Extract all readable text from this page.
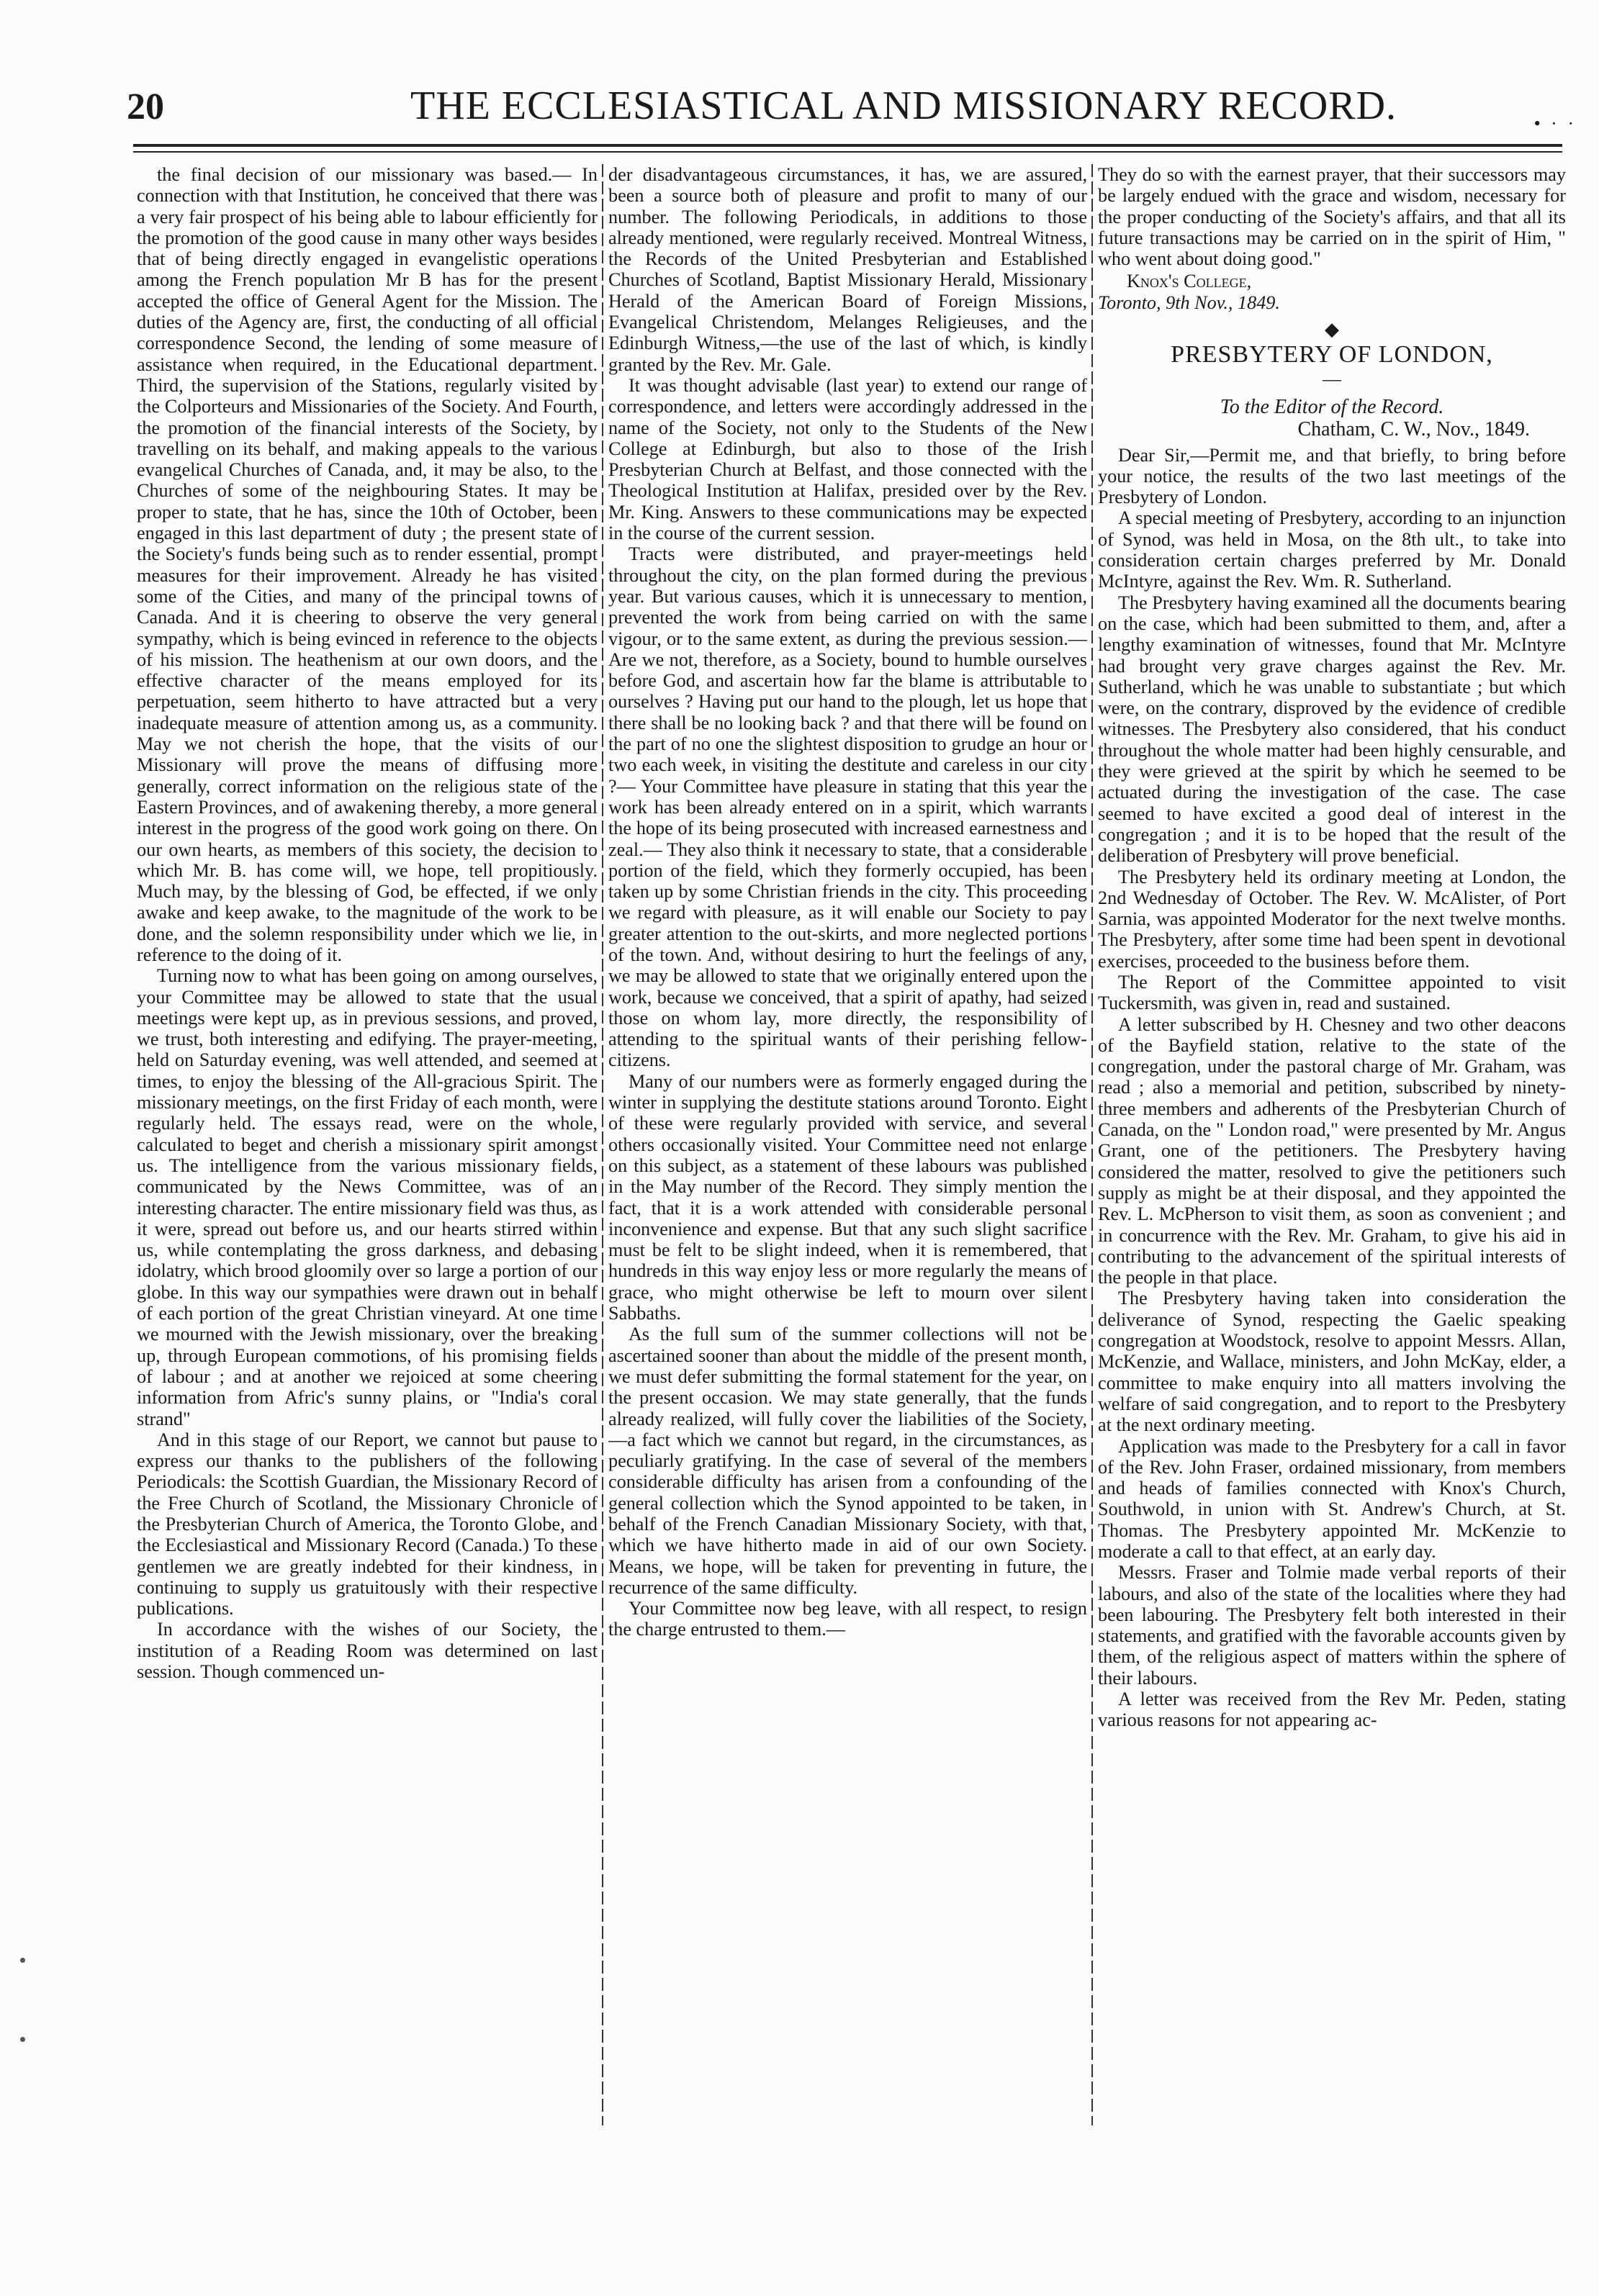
20	THE ECCLESIASTICAL AND MISSIONARY RECORD.	• · ·

the final decision of our missionary was based.— In connection with that Institution, he conceived that there was a very fair prospect of his being able to labour efficiently for the promotion of the good cause in many other ways besides that of being directly engaged in evangelistic operations among the French population Mr B has for the present accepted the office of General Agent for the Mission. The duties of the Agency are, first, the conducting of all official correspondence Second, the lending of some measure of assistance when required, in the Educational department. Third, the supervision of the Stations, regularly visited by the Colporteurs and Missionaries of the Society. And Fourth, the promotion of the financial interests of the Society, by travelling on its behalf, and making appeals to the various evangelical Churches of Canada, and, it may be also, to the Churches of some of the neighbouring States. It may be proper to state, that he has, since the 10th of October, been engaged in this last department of duty ; the present state of the Society's funds being such as to render essential, prompt measures for their improvement. Already he has visited some of the Cities, and many of the principal towns of Canada. And it is cheering to observe the very general sympathy, which is being evinced in reference to the objects of his mission. The heathenism at our own doors, and the effective character of the means employed for its perpetuation, seem hitherto to have attracted but a very inadequate measure of attention among us, as a community. May we not cherish the hope, that the visits of our Missionary will prove the means of diffusing more generally, correct information on the religious state of the Eastern Provinces, and of awakening thereby, a more general interest in the progress of the good work going on there. On our own hearts, as members of this society, the decision to which Mr. B. has come will, we hope, tell propitiously. Much may, by the blessing of God, be effected, if we only awake and keep awake, to the magnitude of the work to be done, and the solemn responsibility under which we lie, in reference to the doing of it.

Turning now to what has been going on among ourselves, your Committee may be allowed to state that the usual meetings were kept up, as in previous sessions, and proved, we trust, both interesting and edifying. The prayer-meeting, held on Saturday evening, was well attended, and seemed at times, to enjoy the blessing of the All-gracious Spirit. The missionary meetings, on the first Friday of each month, were regularly held. The essays read, were on the whole, calculated to beget and cherish a missionary spirit amongst us. The intelligence from the various missionary fields, communicated by the News Committee, was of an interesting character. The entire missionary field was thus, as it were, spread out before us, and our hearts stirred within us, while contemplating the gross darkness, and debasing idolatry, which brood gloomily over so large a portion of our globe. In this way our sympathies were drawn out in behalf of each portion of the great Christian vineyard. At one time we mourned with the Jewish missionary, over the breaking up, through European commotions, of his promising fields of labour ; and at another we rejoiced at some cheering information from Afric's sunny plains, or "India's coral strand"

And in this stage of our Report, we cannot but pause to express our thanks to the publishers of the following Periodicals: the Scottish Guardian, the Missionary Record of the Free Church of Scotland, the Missionary Chronicle of the Presbyterian Church of America, the Toronto Globe, and the Ecclesiastical and Missionary Record (Canada.) To these gentlemen we are greatly indebted for their kindness, in continuing to supply us gratuitously with their respective publications.

In accordance with the wishes of our Society, the institution of a Reading Room was determined on last session. Though commenced un-

der disadvantageous circumstances, it has, we are assured, been a source both of pleasure and profit to many of our number. The following Periodicals, in additions to those already mentioned, were regularly received. Montreal Witness, the Records of the United Presbyterian and Established Churches of Scotland, Baptist Missionary Herald, Missionary Herald of the American Board of Foreign Missions, Evangelical Christendom, Melanges Religieuses, and the Edinburgh Witness,—the use of the last of which, is kindly granted by the Rev. Mr. Gale.

It was thought advisable (last year) to extend our range of correspondence, and letters were accordingly addressed in the name of the Society, not only to the Students of the New College at Edinburgh, but also to those of the Irish Presbyterian Church at Belfast, and those connected with the Theological Institution at Halifax, presided over by the Rev. Mr. King. Answers to these communications may be expected in the course of the current session.

Tracts were distributed, and prayer-meetings held throughout the city, on the plan formed during the previous year. But various causes, which it is unnecessary to mention, prevented the work from being carried on with the same vigour, or to the same extent, as during the previous session.— Are we not, therefore, as a Society, bound to humble ourselves before God, and ascertain how far the blame is attributable to ourselves ? Having put our hand to the plough, let us hope that there shall be no looking back ? and that there will be found on the part of no one the slightest disposition to grudge an hour or two each week, in visiting the destitute and careless in our city ?— Your Committee have pleasure in stating that this year the work has been already entered on in a spirit, which warrants the hope of its being prosecuted with increased earnestness and zeal.— They also think it necessary to state, that a considerable portion of the field, which they formerly occupied, has been taken up by some Christian friends in the city. This proceeding we regard with pleasure, as it will enable our Society to pay greater attention to the out-skirts, and more neglected portions of the town. And, without desiring to hurt the feelings of any, we may be allowed to state that we originally entered upon the work, because we conceived, that a spirit of apathy, had seized those on whom lay, more directly, the responsibility of attending to the spiritual wants of their perishing fellow-citizens.

Many of our numbers were as formerly engaged during the winter in supplying the destitute stations around Toronto. Eight of these were regularly provided with service, and several others occasionally visited. Your Committee need not enlarge on this subject, as a statement of these labours was published in the May number of the Record. They simply mention the fact, that it is a work attended with considerable personal inconvenience and expense. But that any such slight sacrifice must be felt to be slight indeed, when it is remembered, that hundreds in this way enjoy less or more regularly the means of grace, who might otherwise be left to mourn over silent Sabbaths.

As the full sum of the summer collections will not be ascertained sooner than about the middle of the present month, we must defer submitting the formal statement for the year, on the present occasion. We may state generally, that the funds already realized, will fully cover the liabilities of the Society,—a fact which we cannot but regard, in the circumstances, as peculiarly gratifying. In the case of several of the members considerable difficulty has arisen from a confounding of the general collection which the Synod appointed to be taken, in behalf of the French Canadian Missionary Society, with that, which we have hitherto made in aid of our own Society. Means, we hope, will be taken for preventing in future, the recurrence of the same difficulty.

Your Committee now beg leave, with all respect, to resign the charge entrusted to them.—

They do so with the earnest prayer, that their successors may be largely endued with the grace and wisdom, necessary for the proper conducting of the Society's affairs, and that all its future transactions may be carried on in the spirit of Him, " who went about doing good."

Knox's College,
Toronto, 9th Nov., 1849.
◆
PRESBYTERY OF LONDON,
—
To the Editor of the Record.
Chatham, C. W., Nov., 1849.

Dear Sir,—Permit me, and that briefly, to bring before your notice, the results of the two last meetings of the Presbytery of London.

A special meeting of Presbytery, according to an injunction of Synod, was held in Mosa, on the 8th ult., to take into consideration certain charges preferred by Mr. Donald McIntyre, against the Rev. Wm. R. Sutherland.

The Presbytery having examined all the documents bearing on the case, which had been submitted to them, and, after a lengthy examination of witnesses, found that Mr. McIntyre had brought very grave charges against the Rev. Mr. Sutherland, which he was unable to substantiate ; but which were, on the contrary, disproved by the evidence of credible witnesses. The Presbytery also considered, that his conduct throughout the whole matter had been highly censurable, and they were grieved at the spirit by which he seemed to be actuated during the investigation of the case. The case seemed to have excited a good deal of interest in the congregation ; and it is to be hoped that the result of the deliberation of Presbytery will prove beneficial.

The Presbytery held its ordinary meeting at London, the 2nd Wednesday of October. The Rev. W. McAlister, of Port Sarnia, was appointed Moderator for the next twelve months. The Presbytery, after some time had been spent in devotional exercises, proceeded to the business before them.

The Report of the Committee appointed to visit Tuckersmith, was given in, read and sustained.

A letter subscribed by H. Chesney and two other deacons of the Bayfield station, relative to the state of the congregation, under the pastoral charge of Mr. Graham, was read ; also a memorial and petition, subscribed by ninety-three members and adherents of the Presbyterian Church of Canada, on the " London road," were presented by Mr. Angus Grant, one of the petitioners. The Presbytery having considered the matter, resolved to give the petitioners such supply as might be at their disposal, and they appointed the Rev. L. McPherson to visit them, as soon as convenient ; and in concurrence with the Rev. Mr. Graham, to give his aid in contributing to the advancement of the spiritual interests of the people in that place.

The Presbytery having taken into consideration the deliverance of Synod, respecting the Gaelic speaking congregation at Woodstock, resolve to appoint Messrs. Allan, McKenzie, and Wallace, ministers, and John McKay, elder, a committee to make enquiry into all matters involving the welfare of said congregation, and to report to the Presbytery at the next ordinary meeting.

Application was made to the Presbytery for a call in favor of the Rev. John Fraser, ordained missionary, from members and heads of families connected with Knox's Church, Southwold, in union with St. Andrew's Church, at St. Thomas. The Presbytery appointed Mr. McKenzie to moderate a call to that effect, at an early day.

Messrs. Fraser and Tolmie made verbal reports of their labours, and also of the state of the localities where they had been labouring. The Presbytery felt both interested in their statements, and gratified with the favorable accounts given by them, of the religious aspect of matters within the sphere of their labours.

A letter was received from the Rev Mr. Peden, stating various reasons for not appearing ac-
